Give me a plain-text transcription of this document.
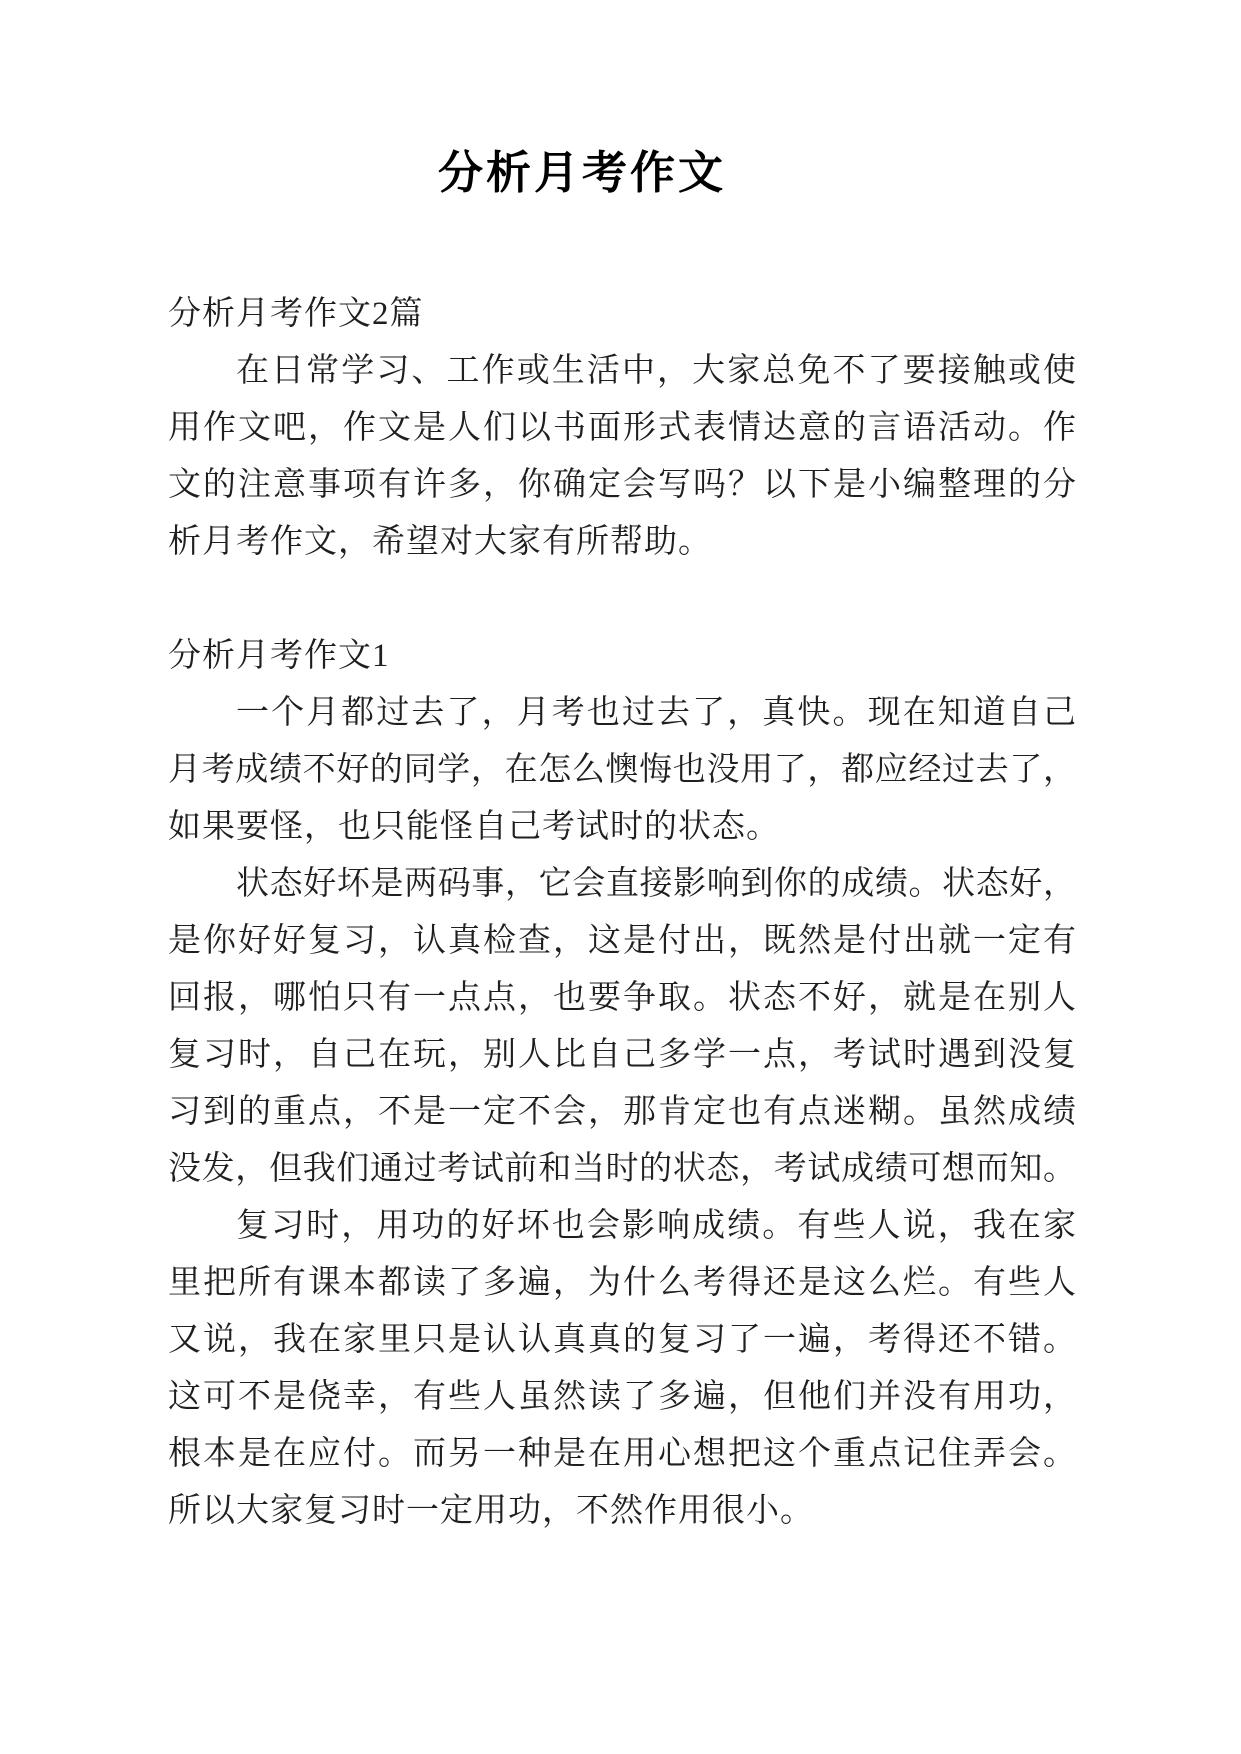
分析月考作文
分析月考作文2篇
在日常学习、工作或生活中，大家总免不了要接触或使
用作文吧，作文是人们以书面形式表情达意的言语活动。作
文的注意事项有许多，你确定会写吗？以下是小编整理的分
析月考作文，希望对大家有所帮助。
分析月考作文1
一个月都过去了，月考也过去了，真快。现在知道自己
月考成绩不好的同学，在怎么懊悔也没用了，都应经过去了，
如果要怪，也只能怪自己考试时的状态。
状态好坏是两码事，它会直接影响到你的成绩。状态好，
是你好好复习，认真检查，这是付出，既然是付出就一定有
回报，哪怕只有一点点，也要争取。状态不好，就是在别人
复习时，自己在玩，别人比自己多学一点，考试时遇到没复
习到的重点，不是一定不会，那肯定也有点迷糊。虽然成绩
没发，但我们通过考试前和当时的状态，考试成绩可想而知。
复习时，用功的好坏也会影响成绩。有些人说，我在家
里把所有课本都读了多遍，为什么考得还是这么烂。有些人
又说，我在家里只是认认真真的复习了一遍，考得还不错。
这可不是侥幸，有些人虽然读了多遍，但他们并没有用功，
根本是在应付。而另一种是在用心想把这个重点记住弄会。
所以大家复习时一定用功，不然作用很小。
